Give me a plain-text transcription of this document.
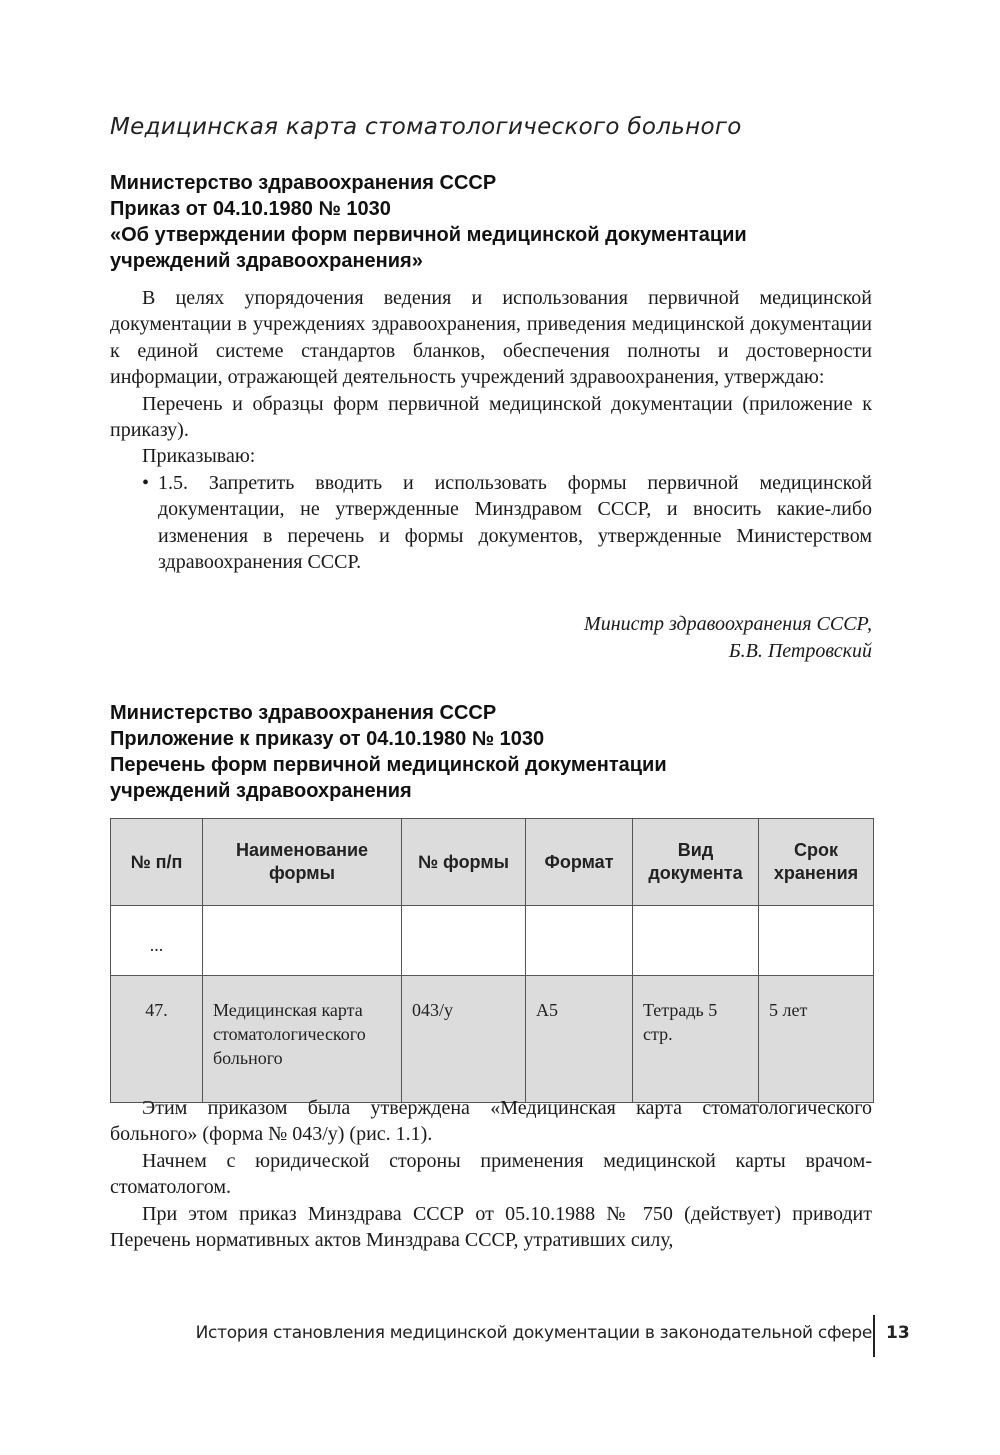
Медицинская карта стоматологического больного
Министерство здравоохранения СССР
Приказ от 04.10.1980 № 1030
«Об утверждении форм первичной медицинской документации
учреждений здравоохранения»

В целях упорядочения ведения и использования первичной медицинской документации в учреждениях здравоохранения, приведения медицинской документации к единой системе стандартов бланков, обеспечения полноты и достоверности информации, отражающей деятельность учреждений здравоохранения, утверждаю:

Перечень и образцы форм первичной медицинской документации (приложение к приказу).

Приказываю:

• 1.5. Запретить вводить и использовать формы первичной медицинской документации, не утвержденные Минздравом СССР, и вносить какие-либо изменения в перечень и формы документов, утвержденные Министерством здравоохранения СССР.
Министр здравоохранения СССР,
Б.В. Петровский
Министерство здравоохранения СССР
Приложение к приказу от 04.10.1980 № 1030
Перечень форм первичной медицинской документации
учреждений здравоохранения
№ п/п	Наименование формы	№ формы	Формат	Вид документа	Срок хранения
...					
47.	Медицинская карта стоматологического больного	043/у	А5	Тетрадь 5 стр.	5 лет

Этим приказом была утверждена «Медицинская карта стоматологического больного» (форма № 043/у) (рис. 1.1).

Начнем с юридической стороны применения медицинской карты врачом-стоматологом.

При этом приказ Минздрава СССР от 05.10.1988 № 750 (действует) приводит Перечень нормативных актов Минздрава СССР, утративших силу,

История становления медицинской документации в законодательной сфере 13
